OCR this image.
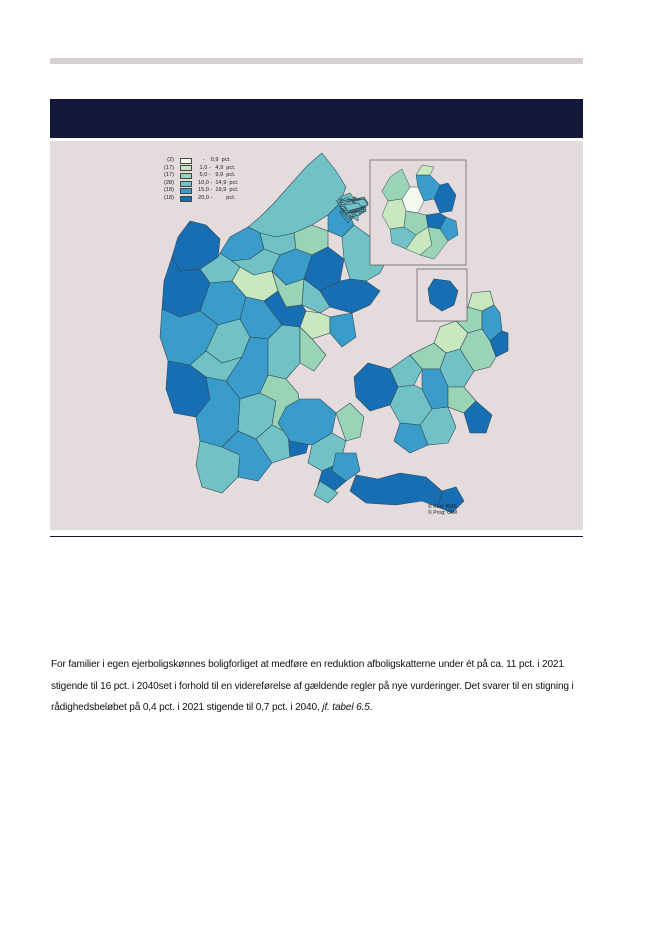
(2)	-    0,9  pct.
(17)	1,0 -   4,9  pct.
(17)	5,0 -   9,9  pct.
(28)	10,0 -  14,9  pct.
(18)	15,0 -  19,9  pct.
(18)	20,0 -         pct.
© Kort: KMS
© Prog: OIM

For familier i egen ejerboligskønnes boligforliget at medføre en reduktion afboligskatterne under ét på ca. 11 pct. i 2021 stigende til 16 pct. i 2040set i forhold til en videreførelse af gældende regler på nye vurderinger. Det svarer til en stigning i rådighedsbeløbet på 0,4 pct. i 2021 stigende til 0,7 pct. i 2040, jf. tabel 6.5.
